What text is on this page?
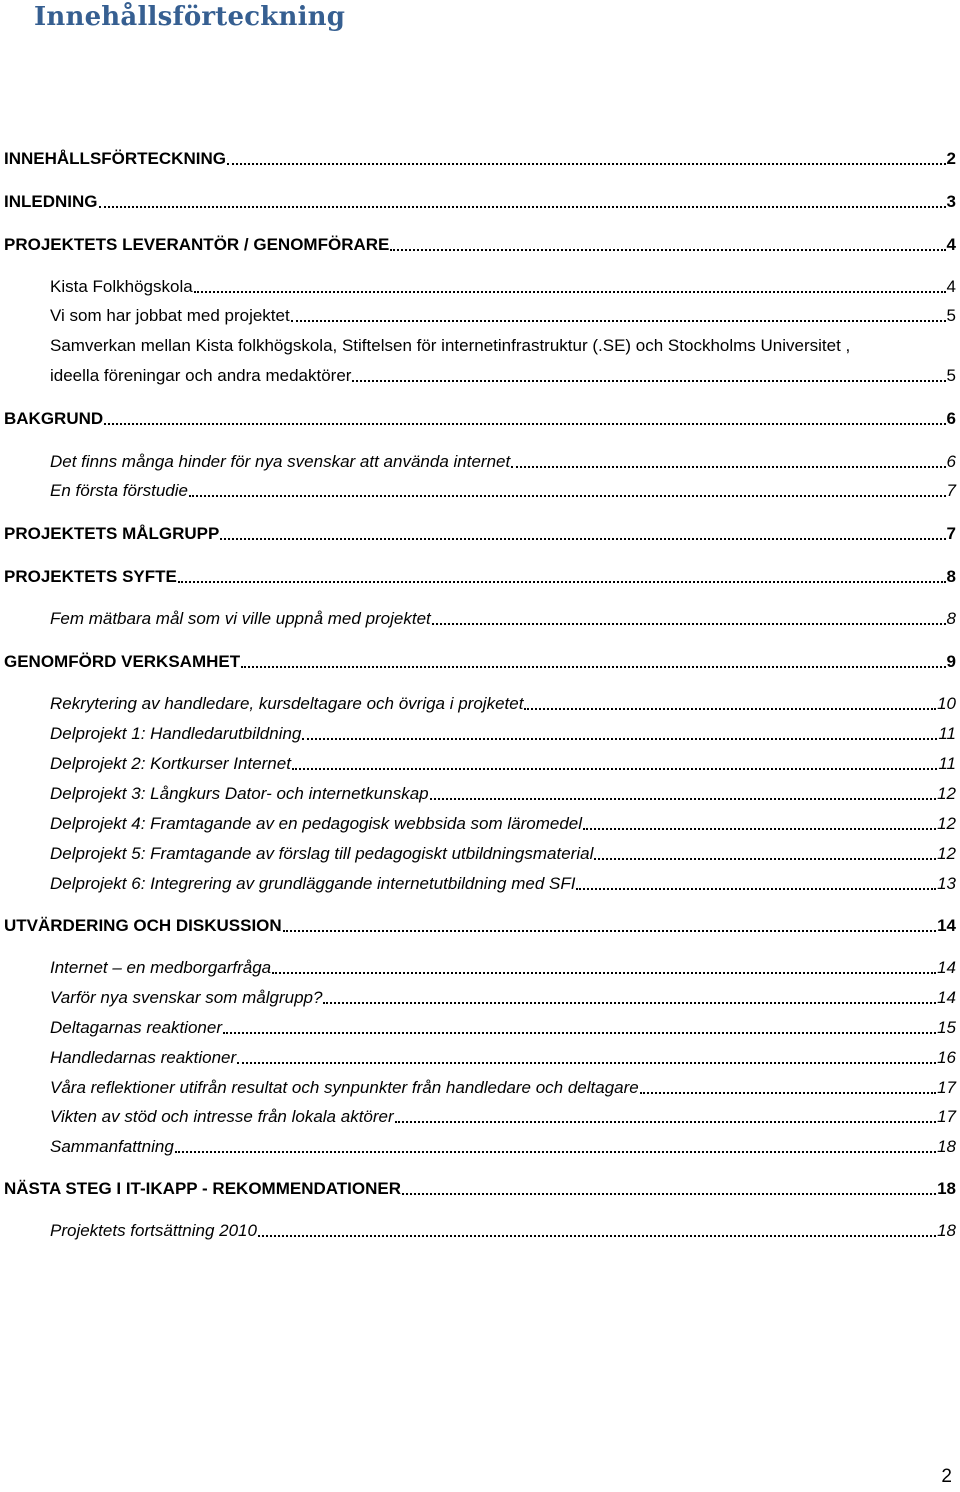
Innehållsförteckning
INNEHÅLLSFÖRTECKNING	2
INLEDNING	3
PROJEKTETS LEVERANTÖR / GENOMFÖRARE	4
Kista Folkhögskola	4
Vi som har jobbat med projektet	5
Samverkan mellan Kista folkhögskola, Stiftelsen för internetinfrastruktur (.SE) och Stockholms Universitet ,
ideella föreningar och andra medaktörer	5
BAKGRUND	6
Det finns många hinder för nya svenskar att använda internet	6
En första förstudie	7
PROJEKTETS MÅLGRUPP	7
PROJEKTETS SYFTE	8
Fem mätbara mål som vi ville uppnå med projektet	8
GENOMFÖRD VERKSAMHET	9
Rekrytering av handledare, kursdeltagare och övriga i projketet	10
Delprojekt 1: Handledarutbildning	11
Delprojekt 2: Kortkurser Internet	11
Delprojekt 3: Långkurs Dator- och internetkunskap	12
Delprojekt 4: Framtagande av en pedagogisk webbsida som läromedel	12
Delprojekt 5: Framtagande av förslag till pedagogiskt utbildningsmaterial	12
Delprojekt 6: Integrering av grundläggande internetutbildning med SFI	13
UTVÄRDERING OCH DISKUSSION	14
Internet – en medborgarfråga	14
Varför nya svenskar som målgrupp?	14
Deltagarnas reaktioner	15
Handledarnas reaktioner	16
Våra reflektioner utifrån resultat och synpunkter från handledare och deltagare	17
Vikten av stöd och intresse från lokala aktörer	17
Sammanfattning	18
NÄSTA STEG I IT-IKAPP - REKOMMENDATIONER	18
Projektets fortsättning 2010	18
2
